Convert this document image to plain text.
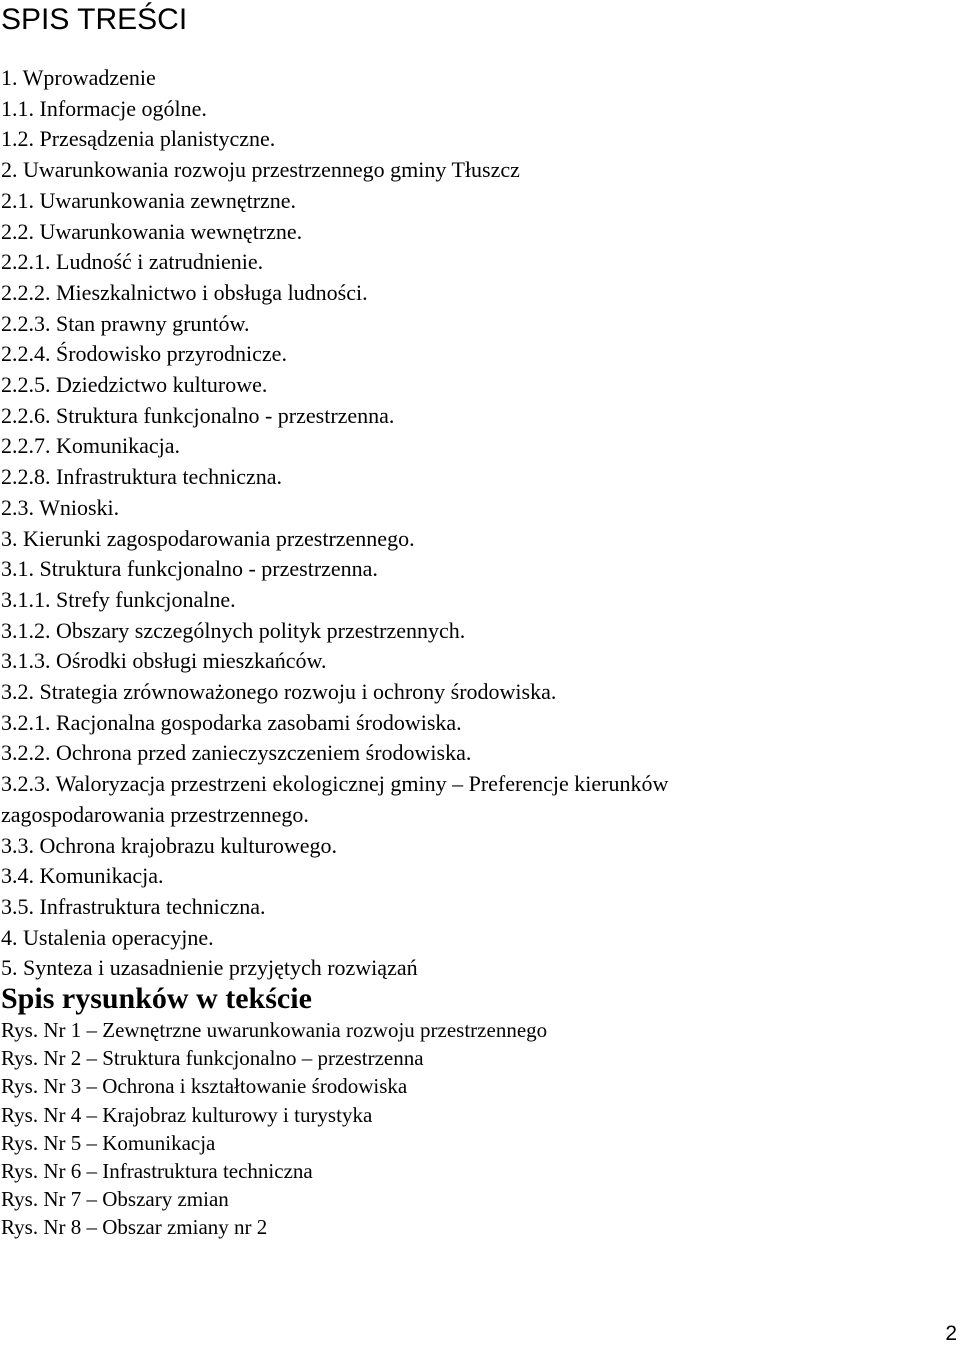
SPIS TREŚCI
1. Wprowadzenie
1.1. Informacje ogólne.
1.2. Przesądzenia planistyczne.
2. Uwarunkowania rozwoju przestrzennego gminy Tłuszcz
2.1. Uwarunkowania zewnętrzne.
2.2. Uwarunkowania wewnętrzne.
2.2.1. Ludność i zatrudnienie.
2.2.2. Mieszkalnictwo i obsługa ludności.
2.2.3. Stan prawny gruntów.
2.2.4. Środowisko przyrodnicze.
2.2.5. Dziedzictwo kulturowe.
2.2.6. Struktura funkcjonalno - przestrzenna.
2.2.7. Komunikacja.
2.2.8. Infrastruktura techniczna.
2.3. Wnioski.
3. Kierunki zagospodarowania przestrzennego.
3.1. Struktura funkcjonalno - przestrzenna.
3.1.1. Strefy funkcjonalne.
3.1.2. Obszary szczególnych polityk przestrzennych.
3.1.3. Ośrodki obsługi mieszkańców.
3.2. Strategia zrównoważonego rozwoju i ochrony środowiska.
3.2.1. Racjonalna gospodarka zasobami środowiska.
3.2.2. Ochrona przed zanieczyszczeniem środowiska.
3.2.3. Waloryzacja przestrzeni ekologicznej gminy – Preferencje kierunków zagospodarowania przestrzennego.
3.3. Ochrona krajobrazu kulturowego.
3.4. Komunikacja.
3.5. Infrastruktura techniczna.
4. Ustalenia operacyjne.
5. Synteza i uzasadnienie przyjętych rozwiązań
Spis rysunków w tekście
Rys. Nr 1 – Zewnętrzne uwarunkowania rozwoju przestrzennego
Rys. Nr 2 – Struktura funkcjonalno – przestrzenna
Rys. Nr 3 – Ochrona i kształtowanie środowiska
Rys. Nr 4 – Krajobraz kulturowy i turystyka
Rys. Nr 5 – Komunikacja
Rys. Nr 6 – Infrastruktura techniczna
Rys. Nr 7 – Obszary zmian
Rys. Nr 8 – Obszar zmiany nr 2
2
